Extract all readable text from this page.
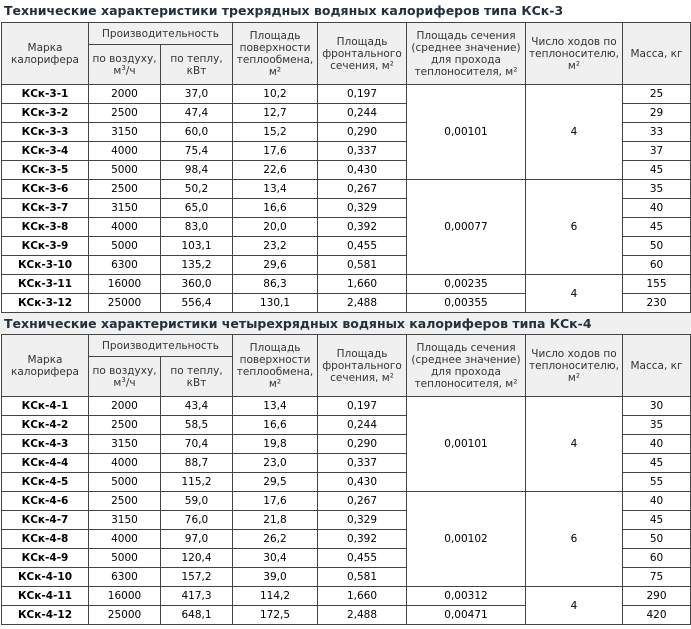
Технические характеристики трехрядных водяных калориферов типа КСк-3
Марка калорифера	Производительность		Площадь поверхности теплообмена, м²	Площадь фронтального сечения, м²	Площадь сечения (среднее значение) для прохода теплоносителя, м²	Число ходов по теплоносителю, м²	Масса, кг
	по воздуху, $м^3/ч$	по теплу, кВт					
КСк-3-1	2000	37,0	10,2	0,197	0,00101	4	25
КСк-3-2	2500	47,4	12,7	0,244			29
КСк-3-3	3150	60,0	15,2	0,290			33
КСк-3-4	4000	75,4	17,6	0,337			37
КСк-3-5	5000	98,4	22,6	0,430			45
КСк-3-6	2500	50,2	13,4	0,267	0,00077	6	35
КСк-3-7	3150	65,0	16,6	0,329			40
КСк-3-8	4000	83,0	20,0	0,392			45
КСк-3-9	5000	103,1	23,2	0,455			50
КСк-3-10	6300	135,2	29,6	0,581			60
КСк-3-11	16000	360,0	86,3	1,660	0,00235	4	155
КСк-3-12	25000	556,4	130,1	2,488	0,00355		230
Технические характеристики четырехрядных водяных калориферов типа КСк-4
Марка калорифера	Производительность		Площадь поверхности теплообмена, м²	Площадь фронтального сечения, м²	Площадь сечения (среднее значение) для прохода теплоносителя, м²	Число ходов по теплоносителю, м²	Масса, кг
	по воздуху, $м^3/ч$	по теплу, кВт					
КСк-4-1	2000	43,4	13,4	0,197	0,00101	4	30
КСк-4-2	2500	58,5	16,6	0,244			35
КСк-4-3	3150	70,4	19,8	0,290			40
КСк-4-4	4000	88,7	23,0	0,337			45
КСк-4-5	5000	115,2	29,5	0,430			55
КСк-4-6	2500	59,0	17,6	0,267	0,00102	6	40
КСк-4-7	3150	76,0	21,8	0,329			45
КСк-4-8	4000	97,0	26,2	0,392			50
КСк-4-9	5000	120,4	30,4	0,455			60
КСк-4-10	6300	157,2	39,0	0,581			75
КСк-4-11	16000	417,3	114,2	1,660	0,00312	4	290
КСк-4-12	25000	648,1	172,5	2,488	0,00471		420
